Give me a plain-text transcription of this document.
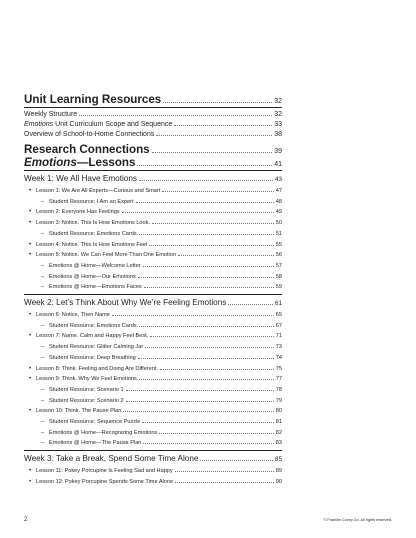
Unit Learning Resources	32
Weekly Structure	32
Emotions Unit Curriculum Scope and Sequence	33
Overview of School-to-Home Connections	38
Research Connections	39
Emotions—Lessons	41
Week 1: We All Have Emotions	43
• Lesson 1: We Are All Experts—Curious and Smart	47
– Student Resource: I Am an Expert	48
• Lesson 2: Everyone Has Feelings	49
• Lesson 3: Notice. This Is How Emotions Look.	50
– Student Resource: Emotions Cards	51
• Lesson 4: Notice. This Is How Emotions Feel	55
• Lesson 5: Notice. We Can Feel More Than One Emotion	56
– Emotions @ Home—Welcome Letter	57
– Emotions @ Home—Our Emotions	58
– Emotions @ Home—Emotions Faces	59
Week 2: Let’s Think About Why We’re Feeling Emotions	61
• Lesson 6: Notice, Then Name	65
– Student Resource: Emotions Cards	67
• Lesson 7: Name. Calm and Happy Feel Best.	71
– Student Resource: Glitter Calming Jar	73
– Student Resource: Deep Breathing	74
• Lesson 8: Think. Feeling and Doing Are Different.	75
• Lesson 9: Think. Why We Feel Emotions	77
– Student Resource: Scenario 1	78
– Student Resource: Scenario 2	79
• Lesson 10: Think. The Pause Plan	80
– Student Resource: Sequence Puzzle	81
– Emotions @ Home—Recognizing Emotions	82
– Emotions @ Home—The Pause Plan	83
Week 3: Take a Break, Spend Some Time Alone	85
• Lesson 11: Pokey Porcupine Is Feeling Sad and Happy	89
• Lesson 12: Pokey Porcupine Spends Some Time Alone	90
2	© Franklin Covey Co. All rights reserved.
